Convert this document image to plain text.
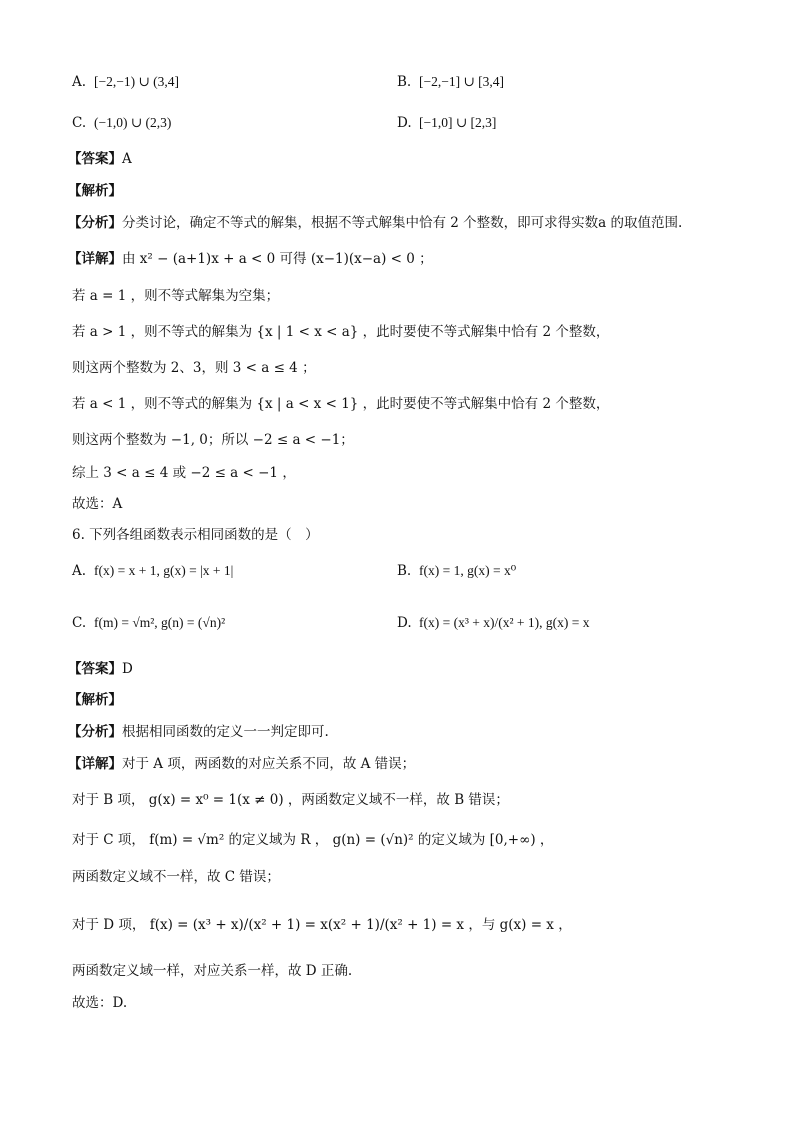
A. [−2,−1) ∪ (3,4]	B. [−2,−1] ∪ [3,4]
C. (−1,0) ∪ (2,3)	D. [−1,0] ∪ [2,3]
【答案】A
【解析】
【分析】分类讨论，确定不等式的解集，根据不等式解集中恰有 2 个整数，即可求得实数a 的取值范围.
【详解】由 x² − (a+1)x + a < 0 可得 (x−1)(x−a) < 0 ；
若 a = 1 ，则不等式解集为空集；
若 a > 1 ，则不等式的解集为 {x | 1 < x < a} ，此时要使不等式解集中恰有 2 个整数，
则这两个整数为 2、3，则 3 < a ≤ 4 ；
若 a < 1 ，则不等式的解集为 {x | a < x < 1} ，此时要使不等式解集中恰有 2 个整数，
则这两个整数为 −1, 0；所以 −2 ≤ a < −1；
综上 3 < a ≤ 4 或 −2 ≤ a < −1 ，
故选：A
6. 下列各组函数表示相同函数的是（　）
A. f(x) = x + 1, g(x) = |x + 1|	B. f(x) = 1, g(x) = x⁰
C. f(m) = √m², g(n) = (√n)²	D. f(x) = (x³ + x)/(x² + 1), g(x) = x
【答案】D
【解析】
【分析】根据相同函数的定义一一判定即可.
【详解】对于 A 项，两函数的对应关系不同，故 A 错误；
对于 B 项， g(x) = x⁰ = 1(x ≠ 0) ，两函数定义域不一样，故 B 错误；
对于 C 项， f(m) = √m² 的定义域为 R ， g(n) = (√n)² 的定义域为 [0,+∞) ，
两函数定义域不一样，故 C 错误；
对于 D 项， f(x) = (x³ + x)/(x² + 1) = x(x² + 1)/(x² + 1) = x ，与 g(x) = x ，
两函数定义域一样，对应关系一样，故 D 正确.
故选：D.
